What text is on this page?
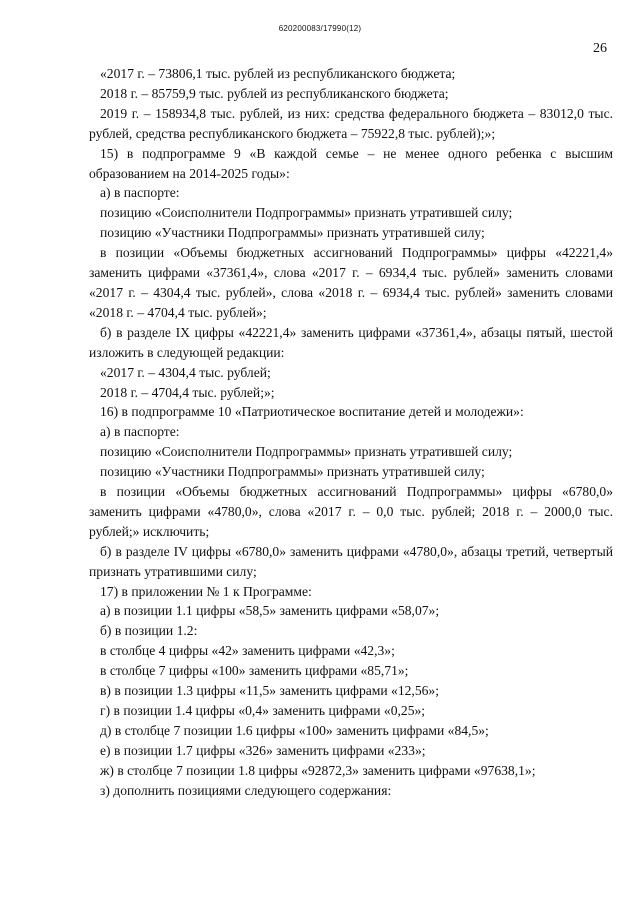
620200083/17990(12)
26

«2017 г. – 73806,1 тыс. рублей из республиканского бюджета;

2018 г. – 85759,9 тыс. рублей из республиканского бюджета;

2019 г. – 158934,8 тыс. рублей, из них: средства федерального бюджета – 83012,0 тыс. рублей, средства республиканского бюджета – 75922,8 тыс. рублей);»;

15) в подпрограмме 9 «В каждой семье – не менее одного ребенка с высшим образованием на 2014-2025 годы»:

а) в паспорте:

позицию «Соисполнители Подпрограммы» признать утратившей силу;

позицию «Участники Подпрограммы» признать утратившей силу;

в позиции «Объемы бюджетных ассигнований Подпрограммы» цифры «42221,4» заменить цифрами «37361,4», слова «2017 г. – 6934,4 тыс. рублей» заменить словами «2017 г. – 4304,4 тыс. рублей», слова «2018 г. – 6934,4 тыс. рублей» заменить словами «2018 г. – 4704,4 тыс. рублей»;

б) в разделе IX цифры «42221,4» заменить цифрами «37361,4», абзацы пятый, шестой изложить в следующей редакции:

«2017 г. – 4304,4 тыс. рублей;

2018 г. – 4704,4 тыс. рублей;»;

16) в подпрограмме 10 «Патриотическое воспитание детей и молодежи»:

а) в паспорте:

позицию «Соисполнители Подпрограммы» признать утратившей силу;

позицию «Участники Подпрограммы» признать утратившей силу;

в позиции «Объемы бюджетных ассигнований Подпрограммы» цифры «6780,0» заменить цифрами «4780,0», слова «2017 г. – 0,0 тыс. рублей; 2018 г. – 2000,0 тыс. рублей;» исключить;

б) в разделе IV цифры «6780,0» заменить цифрами «4780,0», абзацы третий, четвертый признать утратившими силу;

17) в приложении № 1 к Программе:

а) в позиции 1.1 цифры «58,5» заменить цифрами «58,07»;

б) в позиции 1.2:

в столбце 4 цифры «42» заменить цифрами «42,3»;

в столбце 7 цифры «100» заменить цифрами «85,71»;

в) в позиции 1.3 цифры «11,5» заменить цифрами «12,56»;

г) в позиции 1.4 цифры «0,4» заменить цифрами «0,25»;

д) в столбце 7 позиции 1.6 цифры «100» заменить цифрами «84,5»;

е) в позиции 1.7 цифры «326» заменить цифрами «233»;

ж) в столбце 7 позиции 1.8 цифры «92872,3» заменить цифрами «97638,1»;

з) дополнить позициями следующего содержания:
